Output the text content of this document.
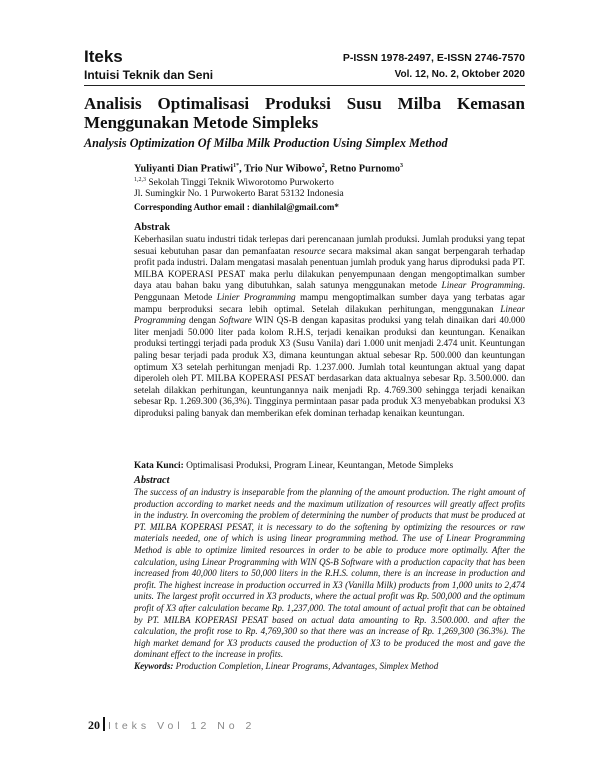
Iteks	P-ISSN 1978-2497, E-ISSN 2746-7570
Intuisi Teknik dan Seni	Vol. 12, No. 2, Oktober 2020
Analisis Optimalisasi Produksi Susu Milba Kemasan
Menggunakan Metode Simpleks
Analysis Optimization Of Milba Milk Production Using Simplex Method
Yuliyanti Dian Pratiwi$^{1*}$, Trio Nur Wibowo$^2$, Retno Purnomo$^3$
$^{1,2,3}$ Sekolah Tinggi Teknik Wiworotomo Purwokerto
Jl. Sumingkir No. 1 Purwokerto Barat 53132 Indonesia
Corresponding Author email : dianhilal@gmail.com*
Abstrak
Keberhasilan suatu industri tidak terlepas dari perencanaan jumlah produksi. Jumlah produksi yang tepat sesuai kebutuhan pasar dan pemanfaatan resource secara maksimal akan sangat berpengarah terhadap profit pada industri. Dalam mengatasi masalah penentuan jumlah produk yang harus diproduksi pada PT. MILBA KOPERASI PESAT maka perlu dilakukan penyempunaan dengan mengoptimalkan sumber daya atau bahan baku yang dibutuhkan, salah satunya menggunakan metode Linear Programming. Penggunaan Metode Linier Programming mampu mengoptimalkan sumber daya yang terbatas agar mampu berproduksi secara lebih optimal. Setelah dilakukan perhitungan, menggunakan Linear Programming dengan Software WIN QS-B dengan kapasitas produksi yang telah dinaikan dari 40.000 liter menjadi 50.000 liter pada kolom R.H.S, terjadi kenaikan produksi dan keuntungan. Kenaikan produksi tertinggi terjadi pada produk X3 (Susu Vanila) dari 1.000 unit menjadi 2.474 unit. Keuntungan paling besar terjadi pada produk X3, dimana keuntungan aktual sebesar Rp. 500.000 dan keuntungan optimum X3 setelah perhitungan menjadi Rp. 1.237.000. Jumlah total keuntungan aktual yang dapat diperoleh oleh PT. MILBA KOPERASI PESAT berdasarkan data aktualnya sebesar Rp. 3.500.000. dan setelah dilakkan perhitungan, keuntungannya naik menjadi Rp. 4.769.300 sehingga terjadi kenaikan sebesar Rp. 1.269.300 (36,3%). Tingginya permintaan pasar pada produk X3 menyebabkan produksi X3 diproduksi paling banyak dan memberikan efek dominan terhadap kenaikan keuntungan.
Kata Kunci: Optimalisasi Produksi, Program Linear, Keuntangan, Metode Simpleks
Abstract
The success of an industry is inseparable from the planning of the amount production. The right amount of production according to market needs and the maximum utilization of resources will greatly affect profits in the industry. In overcoming the problem of determining the number of products that must be produced at PT. MILBA KOPERASI PESAT, it is necessary to do the softening by optimizing the resources or raw materials needed, one of which is using linear programming method. The use of Linear Programming Method is able to optimize limited resources in order to be able to produce more optimally. After the calculation, using Linear Programming with WIN QS-B Software with a production capacity that has been increased from 40,000 liters to 50,000 liters in the R.H.S. column, there is an increase in production and profit. The highest increase in production occurred in X3 (Vanilla Milk) products from 1,000 units to 2,474 units. The largest profit occurred in X3 products, where the actual profit was Rp. 500,000 and the optimum profit of X3 after calculation became Rp. 1,237,000. The total amount of actual profit that can be obtained by PT. MILBA KOPERASI PESAT based on actual data amounting to Rp. 3.500.000. and after the calculation, the profit rose to Rp. 4,769,300 so that there was an increase of Rp. 1,269,300 (36.3%). The high market demand for X3 products caused the production of X3 to be produced the most and gave the dominant effect to the increase in profits.
Keywords: Production Completion, Linear Programs, Advantages, Simplex Method
20 Iteks Vol 12 No 2
